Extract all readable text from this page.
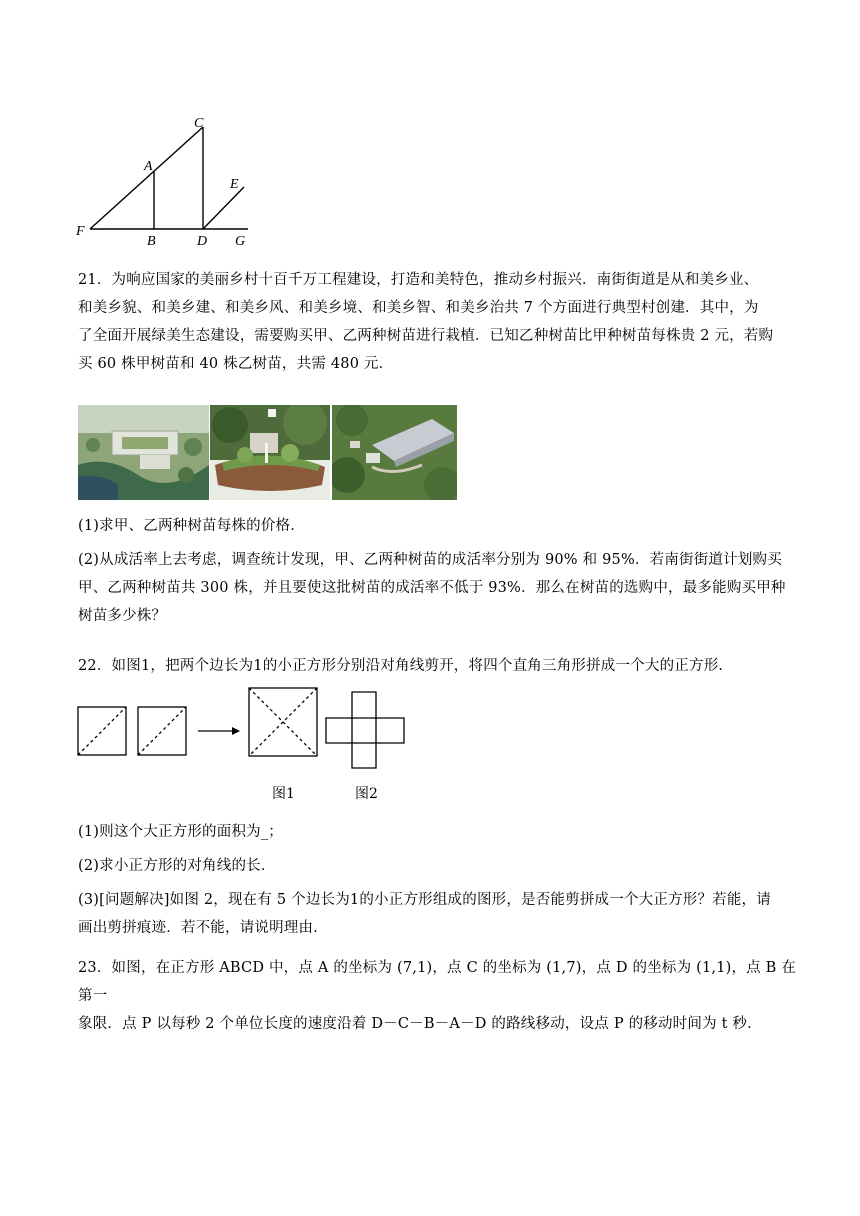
C
A
E
F
B	D G
21．为响应国家的美丽乡村十百千万工程建设，打造和美特色，推动乡村振兴．南街街道是从和美乡业、
和美乡貌、和美乡建、和美乡风、和美乡境、和美乡智、和美乡治共 7 个方面进行典型村创建．其中，为
了全面开展绿美生态建设，需要购买甲、乙两种树苗进行栽植．已知乙种树苗比甲种树苗每株贵 2 元，若购
买 60 株甲树苗和 40 株乙树苗，共需 480 元．
(1)求甲、乙两种树苗每株的价格．
(2)从成活率上去考虑，调查统计发现，甲、乙两种树苗的成活率分别为 90% 和 95%．若南街街道计划购买
甲、乙两种树苗共 300 株，并且要使这批树苗的成活率不低于 93%．那么在树苗的选购中，最多能购买甲种
树苗多少株？
22．如图1，把两个边长为1的小正方形分别沿对角线剪开，将四个直角三角形拼成一个大的正方形．
图1	图2
(1)则这个大正方形的面积为_；
(2)求小正方形的对角线的长．
(3)[问题解决]如图 2，现在有 5 个边长为1的小正方形组成的图形，是否能剪拼成一个大正方形？若能，请
画出剪拼痕迹．若不能，请说明理由．
23．如图，在正方形 ABCD 中，点 A 的坐标为 (7,1)，点 C 的坐标为 (1,7)，点 D 的坐标为 (1,1)，点 B 在第一
象限．点 P 以每秒 2 个单位长度的速度沿着 D－C－B－A－D 的路线移动，设点 P 的移动时间为 t 秒．
